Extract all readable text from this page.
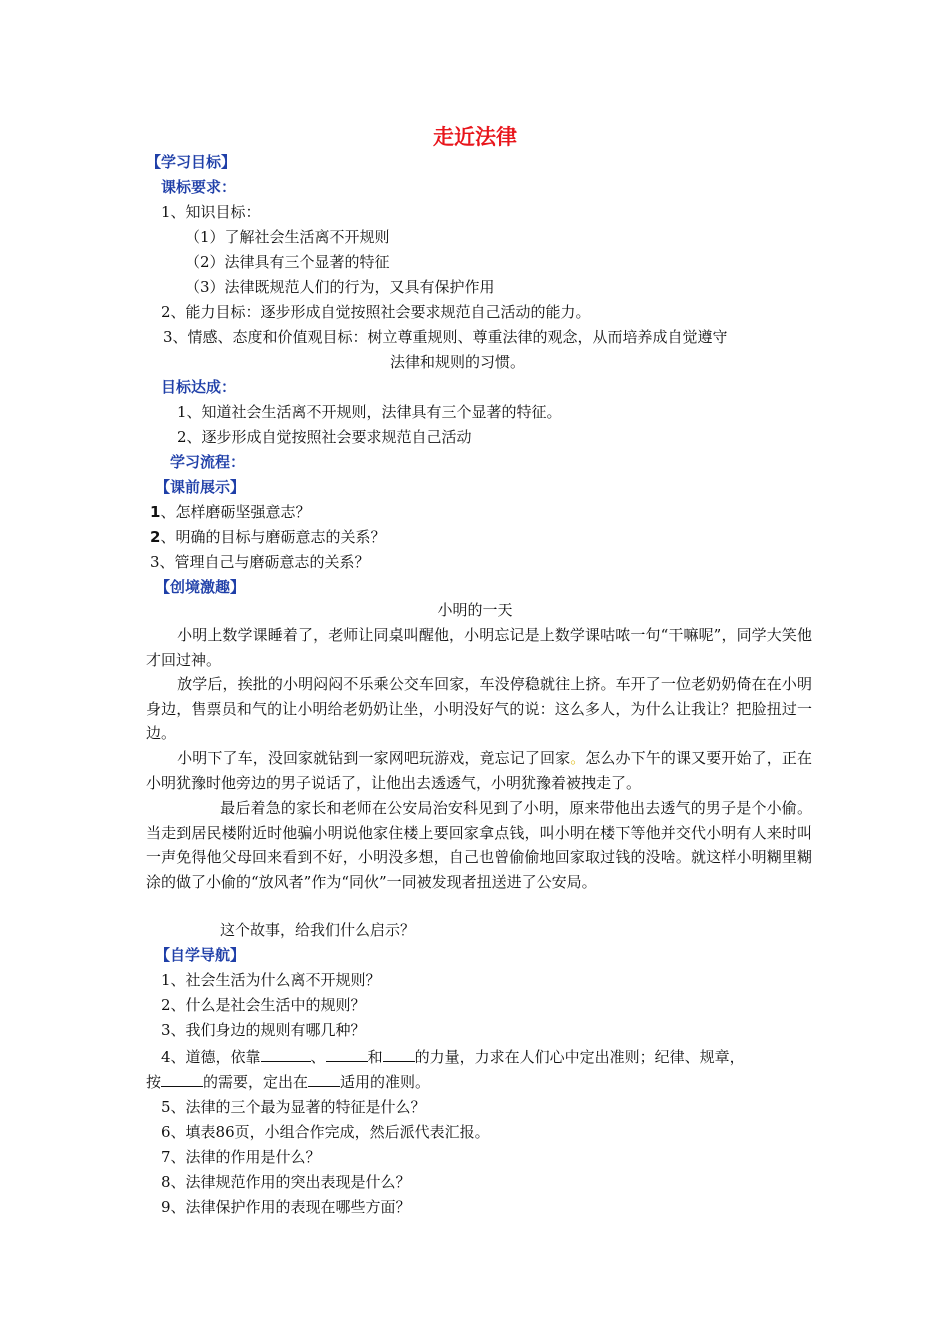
走近法律
【学习目标】
课标要求：
1、知识目标：
（1）了解社会生活离不开规则
（2）法律具有三个显著的特征
（3）法律既规范人们的行为，又具有保护作用
2、能力目标：逐步形成自觉按照社会要求规范自己活动的能力。
3、情感、态度和价值观目标：树立尊重规则、尊重法律的观念，从而培养成自觉遵守
法律和规则的习惯。
目标达成：
1、知道社会生活离不开规则，法律具有三个显著的特征。
2、逐步形成自觉按照社会要求规范自己活动
学习流程：
【课前展示】
1、怎样磨砺坚强意志？
2、明确的目标与磨砺意志的关系？
3、管理自己与磨砺意志的关系？
【创境激趣】
小明的一天
小明上数学课睡着了，老师让同桌叫醒他，小明忘记是上数学课咕哝一句“干嘛呢”，同学大笑他才回过神。
放学后，挨批的小明闷闷不乐乘公交车回家，车没停稳就往上挤。车开了一位老奶奶倚在在小明身边，售票员和气的让小明给老奶奶让坐，小明没好气的说：这么多人，为什么让我让？把脸扭过一边。
小明下了车，没回家就钻到一家网吧玩游戏，竟忘记了回家。怎么办下午的课又要开始了，正在小明犹豫时他旁边的男子说话了，让他出去透透气，小明犹豫着被拽走了。
最后着急的家长和老师在公安局治安科见到了小明，原来带他出去透气的男子是个小偷。当走到居民楼附近时他骗小明说他家住楼上要回家拿点钱，叫小明在楼下等他并交代小明有人来时叫一声免得他父母回来看到不好，小明没多想，自己也曾偷偷地回家取过钱的没啥。就这样小明糊里糊涂的做了小偷的“放风者”作为“同伙”一同被发现者扭送进了公安局。
这个故事，给我们什么启示？
【自学导航】
1、社会生活为什么离不开规则？
2、什么是社会生活中的规则？
3、我们身边的规则有哪几种？
4、道德，依靠	、	和 的力量，力求在人们心中定出准则；纪律、规章，
按	的需要，定出在 适用的准则。
5、法律的三个最为显著的特征是什么？
6、填表86页，小组合作完成，然后派代表汇报。
7、法律的作用是什么？
8、法律规范作用的突出表现是什么？
9、法律保护作用的表现在哪些方面？
